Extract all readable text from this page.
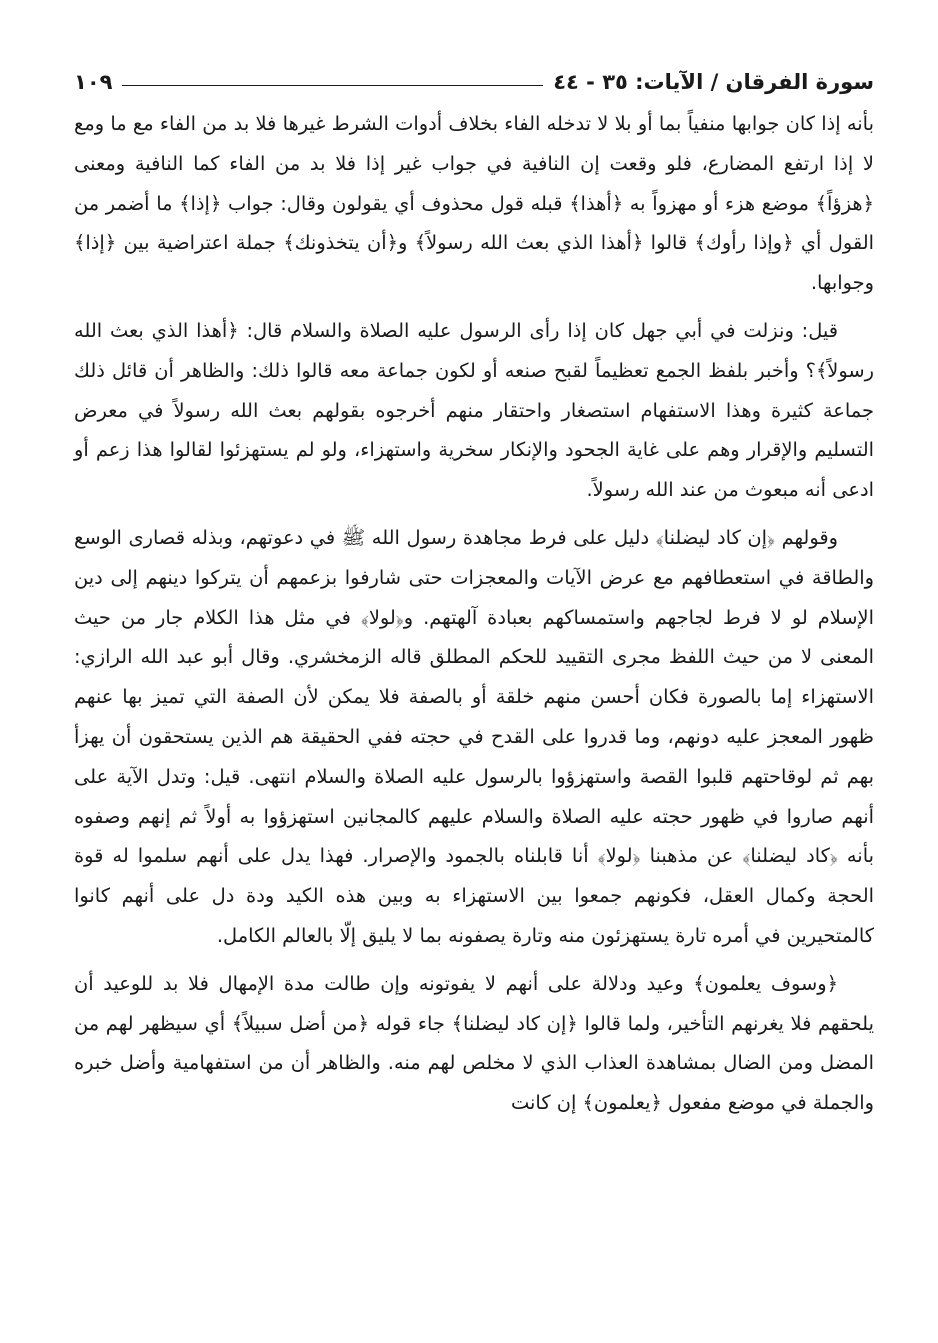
سورة الفرقان / الآيات: ٣٥ - ٤٤
١٠٩

بأنه إذا كان جوابها منفياً بما أو بلا لا تدخله الفاء بخلاف أدوات الشرط غيرها فلا بد من الفاء مع ما ومع لا إذا ارتفع المضارع، فلو وقعت إن النافية في جواب غير إذا فلا بد من الفاء كما النافية ومعنى ﴿هزؤاً﴾ موضع هزء أو مهزواً به ﴿أهذا﴾ قبله قول محذوف أي يقولون وقال: جواب ﴿إذا﴾ ما أضمر من القول أي ﴿وإذا رأوك﴾ قالوا ﴿أهذا الذي بعث الله رسولاً﴾ و﴿أن يتخذونك﴾ جملة اعتراضية بين ﴿إذا﴾ وجوابها.

قيل: ونزلت في أبي جهل كان إذا رأى الرسول عليه الصلاة والسلام قال: ﴿أهذا الذي بعث الله رسولاً﴾؟ وأخبر بلفظ الجمع تعظيماً لقبح صنعه أو لكون جماعة معه قالوا ذلك: والظاهر أن قائل ذلك جماعة كثيرة وهذا الاستفهام استصغار واحتقار منهم أخرجوه بقولهم بعث الله رسولاً في معرض التسليم والإقرار وهم على غاية الجحود والإنكار سخرية واستهزاء، ولو لم يستهزئوا لقالوا هذا زعم أو ادعى أنه مبعوث من عند الله رسولاً.

وقولهم ﴿إن كاد ليضلنا﴾ دليل على فرط مجاهدة رسول الله ﷺ في دعوتهم، وبذله قصارى الوسع والطاقة في استعطافهم مع عرض الآيات والمعجزات حتى شارفوا بزعمهم أن يتركوا دينهم إلى دين الإسلام لو لا فرط لجاجهم واستمساكهم بعبادة آلهتهم. و﴿لولا﴾ في مثل هذا الكلام جار من حيث المعنى لا من حيث اللفظ مجرى التقييد للحكم المطلق قاله الزمخشري. وقال أبو عبد الله الرازي: الاستهزاء إما بالصورة فكان أحسن منهم خلقة أو بالصفة فلا يمكن لأن الصفة التي تميز بها عنهم ظهور المعجز عليه دونهم، وما قدروا على القدح في حجته ففي الحقيقة هم الذين يستحقون أن يهزأ بهم ثم لوقاحتهم قلبوا القصة واستهزؤوا بالرسول عليه الصلاة والسلام انتهى. قيل: وتدل الآية على أنهم صاروا في ظهور حجته عليه الصلاة والسلام عليهم كالمجانين استهزؤوا به أولاً ثم إنهم وصفوه بأنه ﴿كاد ليضلنا﴾ عن مذهبنا ﴿لولا﴾ أنا قابلناه بالجمود والإصرار. فهذا يدل على أنهم سلموا له قوة الحجة وكمال العقل، فكونهم جمعوا بين الاستهزاء به وبين هذه الكيد ودة دل على أنهم كانوا كالمتحيرين في أمره تارة يستهزئون منه وتارة يصفونه بما لا يليق إلّا بالعالم الكامل.

﴿وسوف يعلمون﴾ وعيد ودلالة على أنهم لا يفوتونه وإن طالت مدة الإمهال فلا بد للوعيد أن يلحقهم فلا يغرنهم التأخير، ولما قالوا ﴿إن كاد ليضلنا﴾ جاء قوله ﴿من أضل سبيلاً﴾ أي سيظهر لهم من المضل ومن الضال بمشاهدة العذاب الذي لا مخلص لهم منه. والظاهر أن من استفهامية وأضل خبره والجملة في موضع مفعول ﴿يعلمون﴾ إن كانت
